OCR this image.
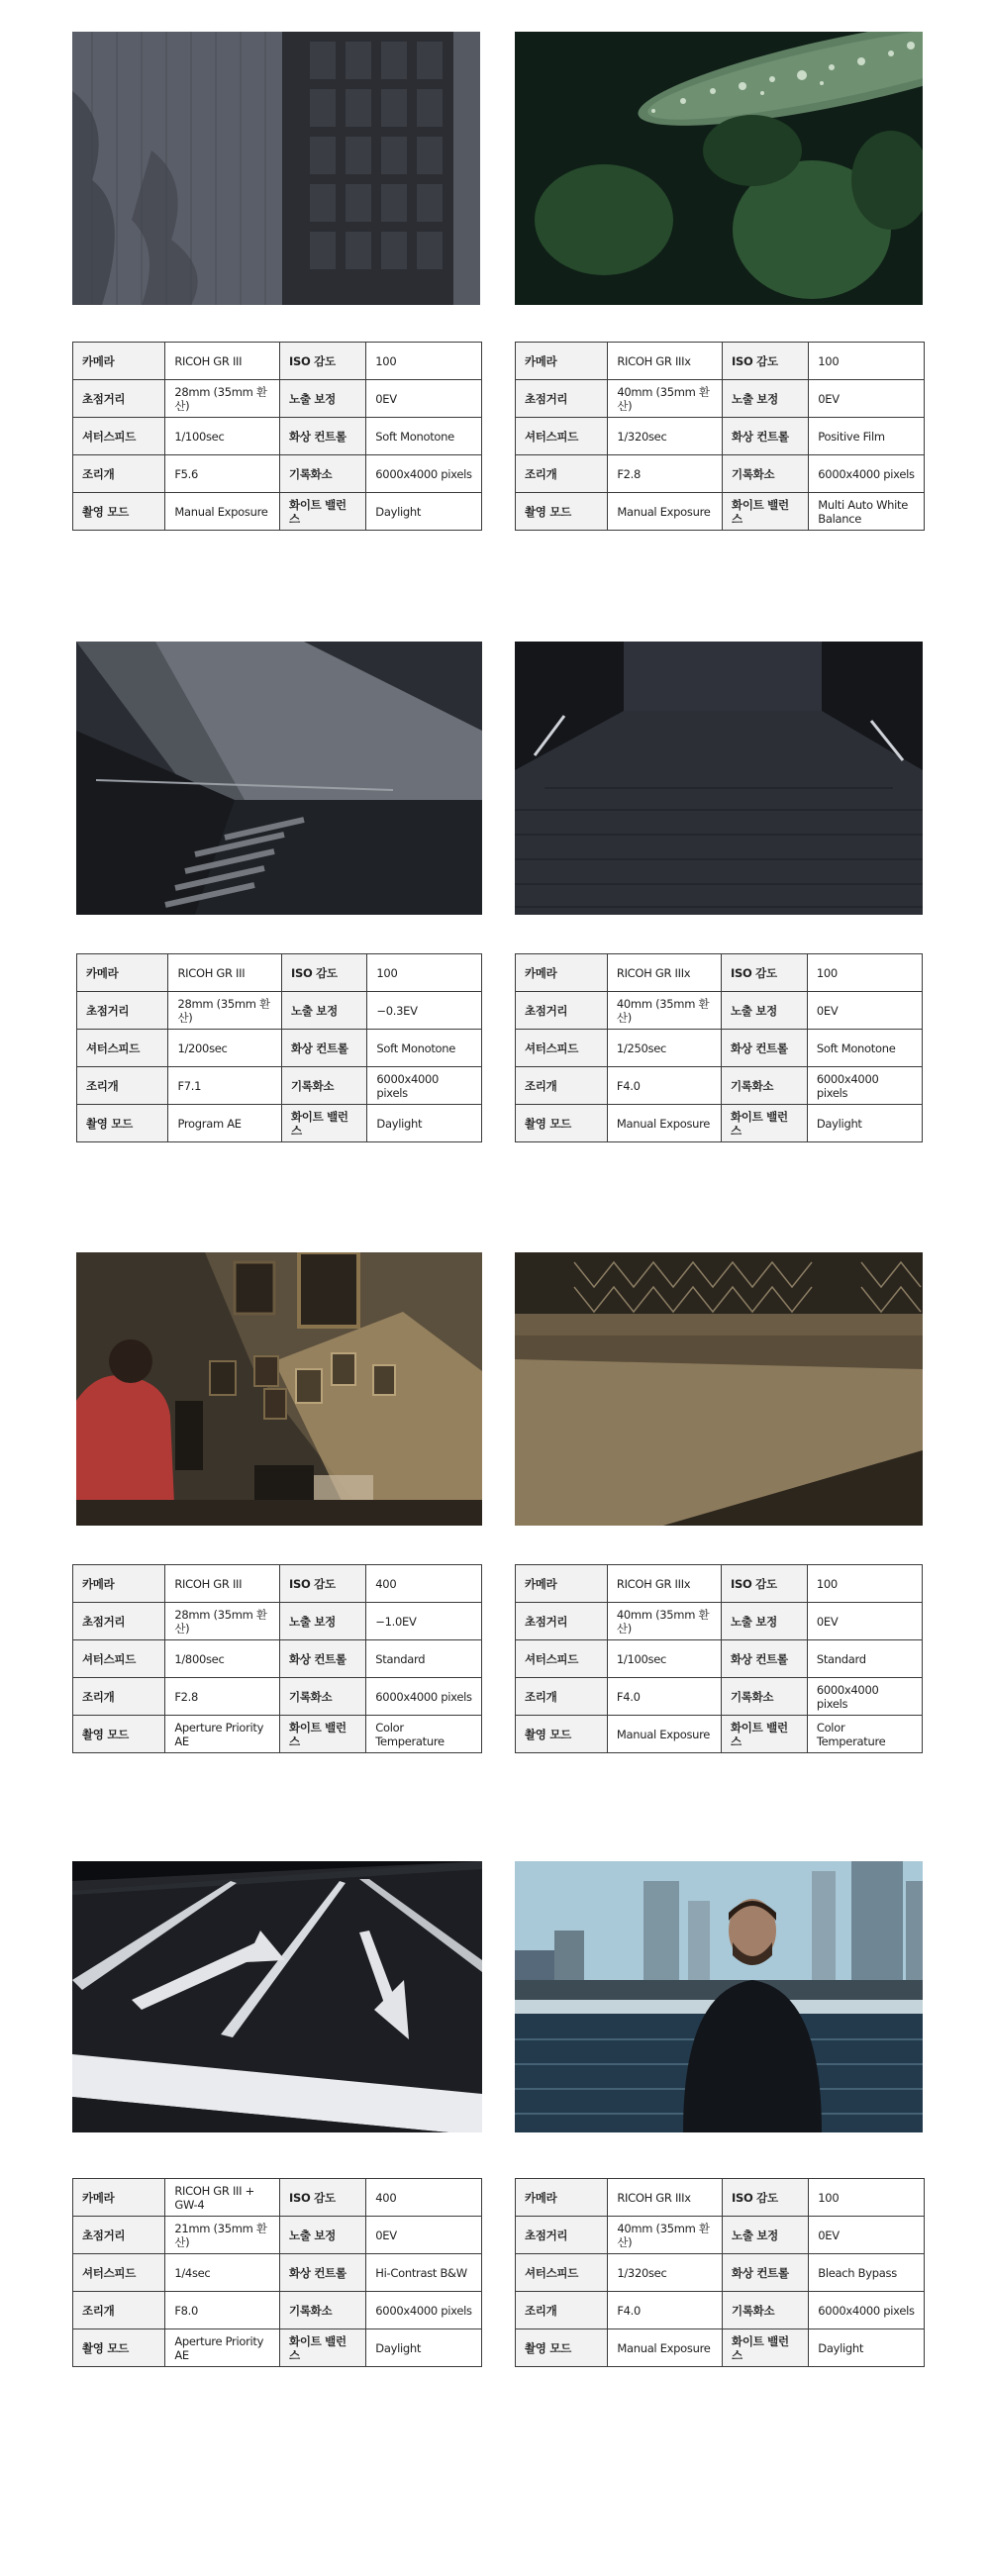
카메라	RICOH GR III	ISO 감도	100
초점거리	28mm (35mm 환산)	노출 보정	0EV
셔터스피드	1/100sec	화상 컨트롤	Soft Monotone
조리개	F5.6	기록화소	6000x4000 pixels
촬영 모드	Manual Exposure	화이트 밸런스	Daylight
카메라	RICOH GR IIIx	ISO 감도	100
초점거리	40mm (35mm 환산)	노출 보정	0EV
셔터스피드	1/320sec	화상 컨트롤	Positive Film
조리개	F2.8	기록화소	6000x4000 pixels
촬영 모드	Manual Exposure	화이트 밸런스	Multi Auto White Balance
카메라	RICOH GR III	ISO 감도	100
초점거리	28mm (35mm 환산)	노출 보정	−0.3EV
셔터스피드	1/200sec	화상 컨트롤	Soft Monotone
조리개	F7.1	기록화소	6000x4000 pixels
촬영 모드	Program AE	화이트 밸런스	Daylight
카메라	RICOH GR IIIx	ISO 감도	100
초점거리	40mm (35mm 환산)	노출 보정	0EV
셔터스피드	1/250sec	화상 컨트롤	Soft Monotone
조리개	F4.0	기록화소	6000x4000 pixels
촬영 모드	Manual Exposure	화이트 밸런스	Daylight
카메라	RICOH GR III	ISO 감도	400
초점거리	28mm (35mm 환산)	노출 보정	−1.0EV
셔터스피드	1/800sec	화상 컨트롤	Standard
조리개	F2.8	기록화소	6000x4000 pixels
촬영 모드	Aperture Priority AE	화이트 밸런스	Color Temperature
카메라	RICOH GR IIIx	ISO 감도	100
초점거리	40mm (35mm 환산)	노출 보정	0EV
셔터스피드	1/100sec	화상 컨트롤	Standard
조리개	F4.0	기록화소	6000x4000 pixels
촬영 모드	Manual Exposure	화이트 밸런스	Color Temperature
카메라	RICOH GR III + GW-4	ISO 감도	400
초점거리	21mm (35mm 환산)	노출 보정	0EV
셔터스피드	1/4sec	화상 컨트롤	Hi-Contrast B&W
조리개	F8.0	기록화소	6000x4000 pixels
촬영 모드	Aperture Priority AE	화이트 밸런스	Daylight
카메라	RICOH GR IIIx	ISO 감도	100
초점거리	40mm (35mm 환산)	노출 보정	0EV
셔터스피드	1/320sec	화상 컨트롤	Bleach Bypass
조리개	F4.0	기록화소	6000x4000 pixels
촬영 모드	Manual Exposure	화이트 밸런스	Daylight
